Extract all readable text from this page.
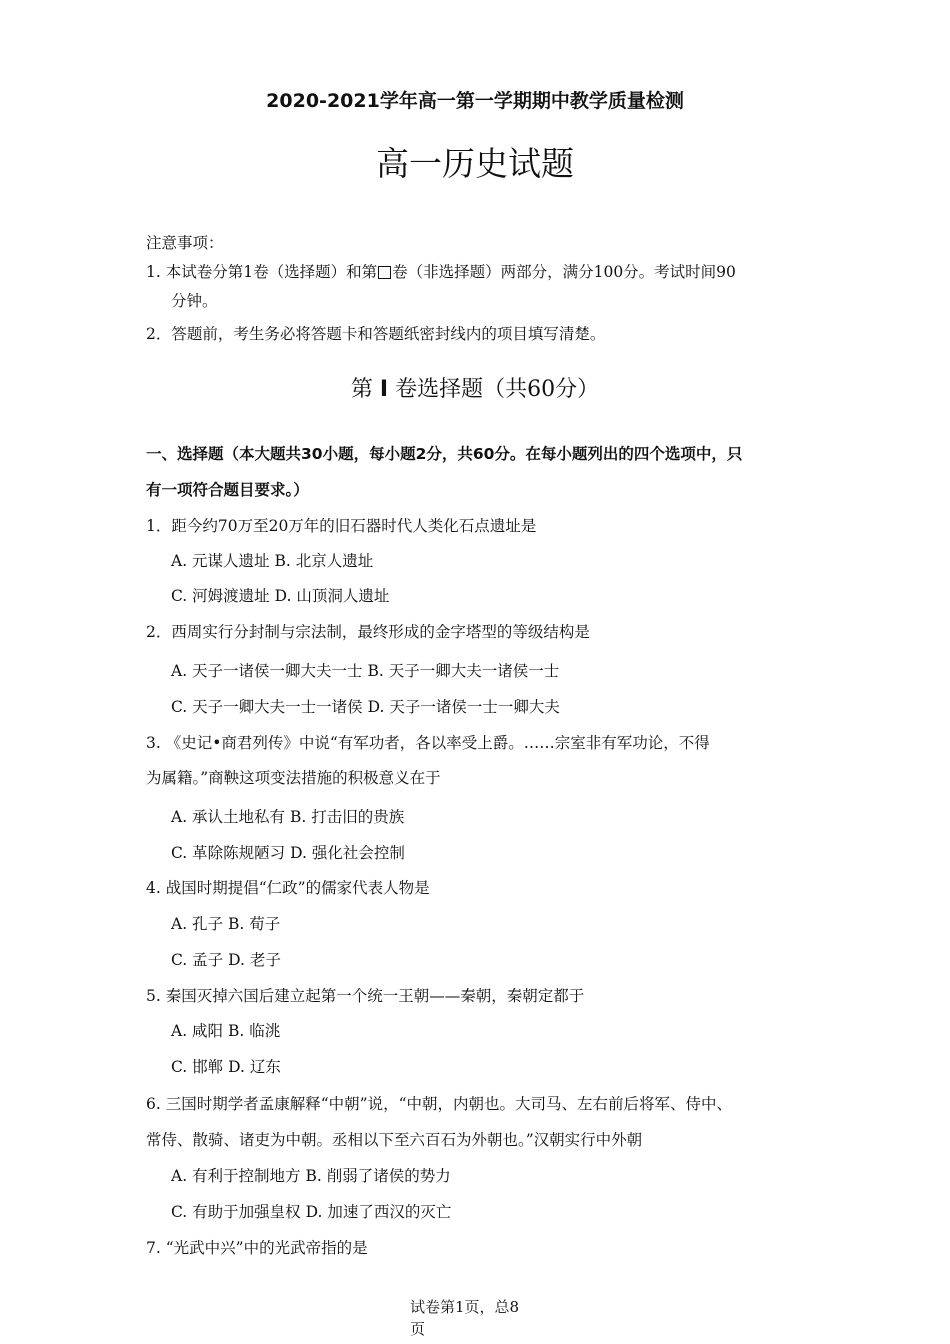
2020-2021学年高一第一学期期中教学质量检测
高一历史试题
注意事项：
1. 本试卷分第1卷（选择题）和第 卷（非选择题）两部分，满分100分。考试时间90
分钟。
2．答题前，考生务必将答题卡和答题纸密封线内的项目填写清楚。
第 I 卷选择题（共60分）
一、选择题（本大题共30小题，每小题2分，共60分。在每小题列出的四个选项中，只
有一项符合题目要求。）
1．距今约70万至20万年的旧石器时代人类化石点遗址是
A. 元谋人遗址 B. 北京人遗址
C. 河姆渡遗址 D. 山顶洞人遗址
2．西周实行分封制与宗法制，最终形成的金字塔型的等级结构是
A. 天子一诸侯一卿大夫一士 B. 天子一卿大夫一诸侯一士
C. 天子一卿大夫一士一诸侯 D. 天子一诸侯一士一卿大夫
3. 《史记•商君列传》中说“有军功者，各以率受上爵。……宗室非有军功论，不得
为属籍。”商鞅这项变法措施的积极意义在于
A. 承认土地私有 B. 打击旧的贵族
C. 革除陈规陋习 D. 强化社会控制
4. 战国时期提倡“仁政”的儒家代表人物是
A. 孔子 B. 荀子
C. 孟子 D. 老子
5. 秦国灭掉六国后建立起第一个统一王朝——秦朝，秦朝定都于
A. 咸阳 B. 临洮
C. 邯郸 D. 辽东
6. 三国时期学者孟康解释“中朝”说，“中朝，内朝也。大司马、左右前后将军、侍中、
常侍、散骑、诸吏为中朝。丞相以下至六百石为外朝也。”汉朝实行中外朝
A. 有利于控制地方 B. 削弱了诸侯的势力
C. 有助于加强皇权 D. 加速了西汉的灭亡
7. “光武中兴”中的光武帝指的是
试卷第1页，总8
页
